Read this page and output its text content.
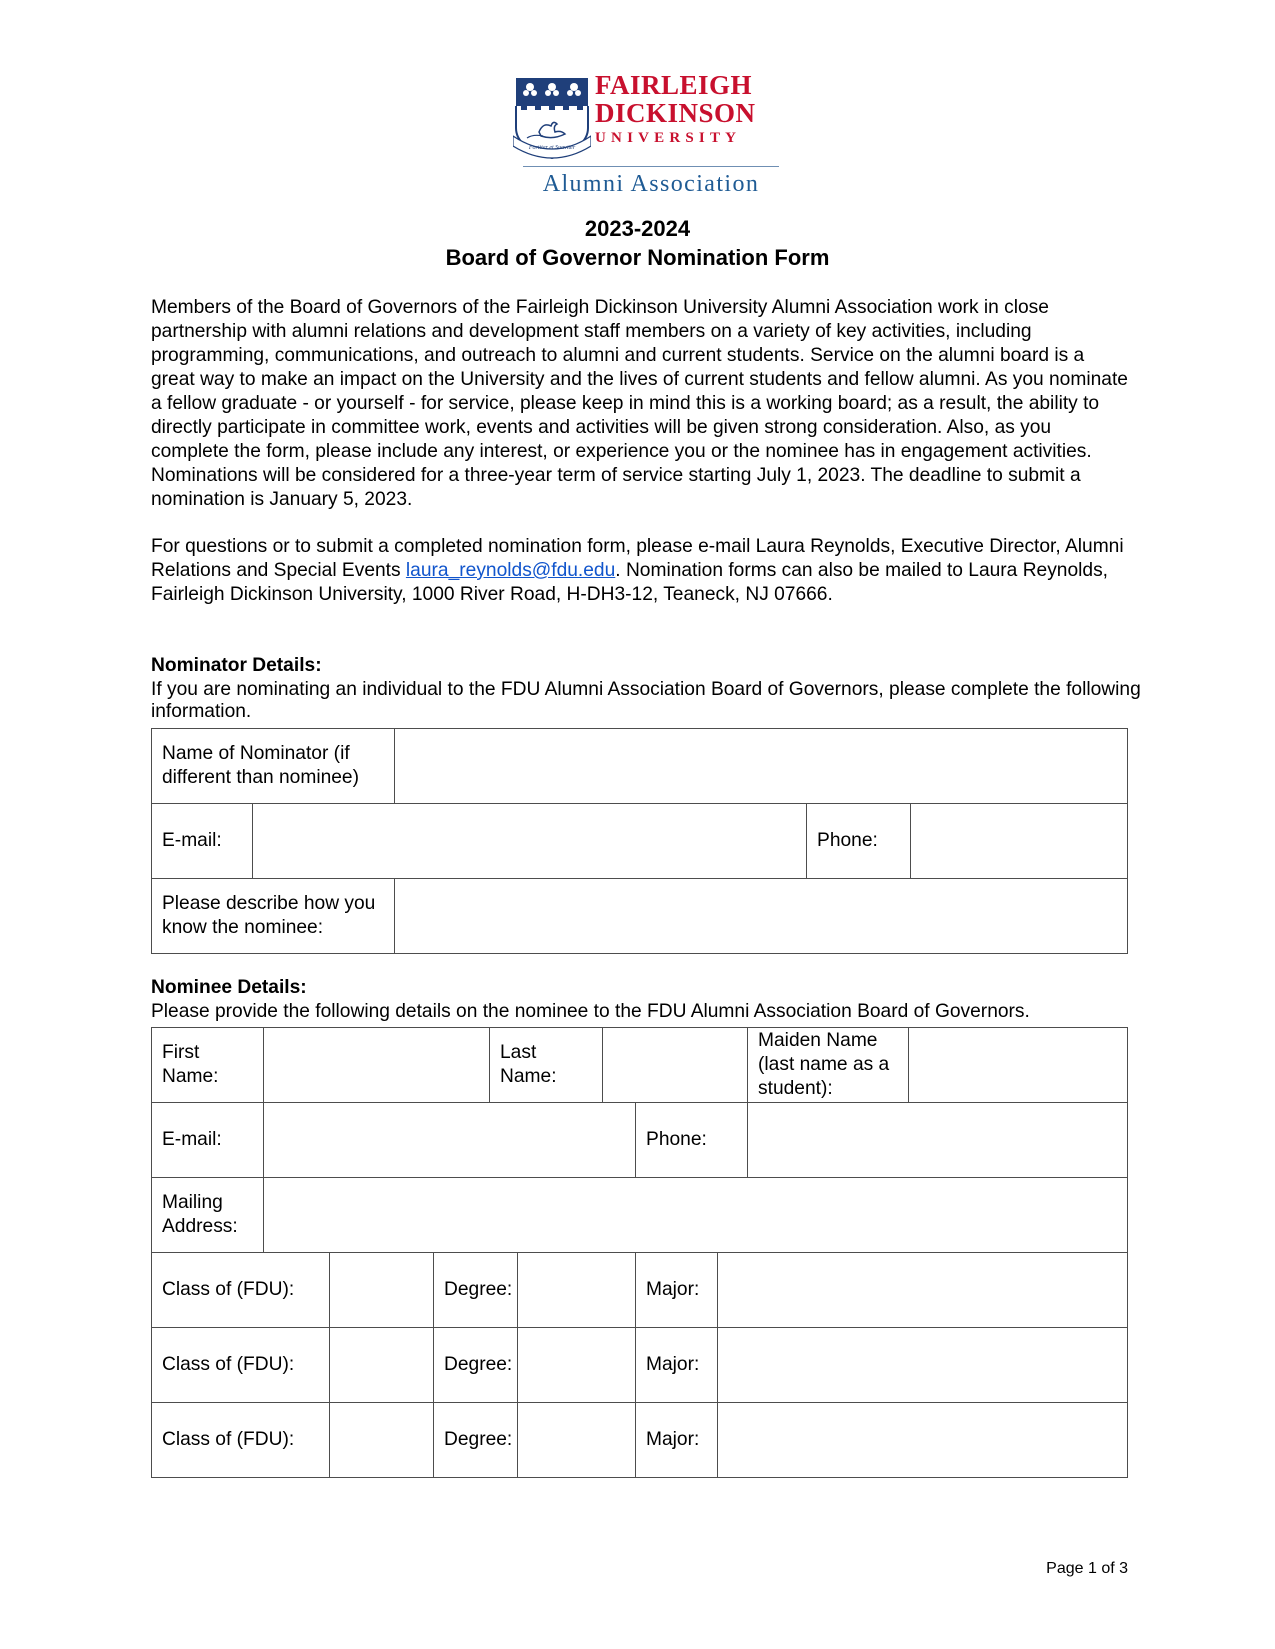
Fortiter et Suaviter
FAIRLEIGH
DICKINSON
UNIVERSITY
Alumni Association
2023-2024
Board of Governor Nomination Form

Members of the Board of Governors of the Fairleigh Dickinson University Alumni Association work in close partnership with alumni relations and development staff members on a variety of key activities, including programming, communications, and outreach to alumni and current students. Service on the alumni board is a great way to make an impact on the University and the lives of current students and fellow alumni. As you nominate a fellow graduate - or yourself - for service, please keep in mind this is a working board; as a result, the ability to directly participate in committee work, events and activities will be given strong consideration. Also, as you complete the form, please include any interest, or experience you or the nominee has in engagement activities. Nominations will be considered for a three-year term of service starting July 1, 2023. The deadline to submit a nomination is January 5, 2023.

For questions or to submit a completed nomination form, please e-mail Laura Reynolds, Executive Director, Alumni Relations and Special Events laura_reynolds@fdu.edu. Nomination forms can also be mailed to Laura Reynolds, Fairleigh Dickinson University, 1000 River Road, H-DH3-12, Teaneck, NJ 07666.

Nominator Details:
If you are nominating an individual to the FDU Alumni Association Board of Governors, please complete the following information.
Name of Nominator (if different than nominee)				

E-mail:			Phone:	

Please describe how you know the nominee:				
Nominee Details:
Please provide the following details on the nominee to the FDU Alumni Association Board of Governors.
First Name:				Last Name:					Maiden Name (last name as a student):	

E-mail:							Phone:			

Mailing Address:										

Class of (FDU):			Degree:				Major:			

Class of (FDU):			Degree:				Major:			

Class of (FDU):			Degree:				Major:			
Page 1 of 3
